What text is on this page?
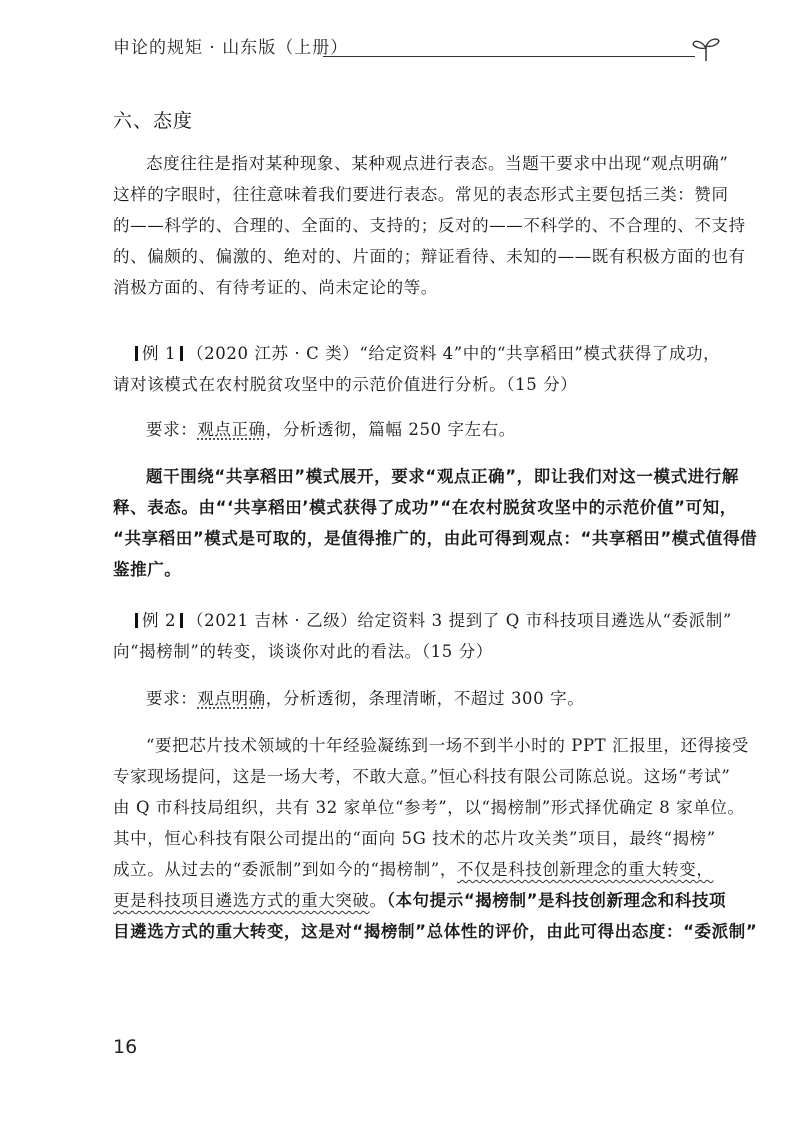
申论的规矩 · 山东版（上册）
六、态度

态度往往是指对某种现象、某种观点进行表态。当题干要求中出现“观点明确”
这样的字眼时，往往意味着我们要进行表态。常见的表态形式主要包括三类：赞同
的——科学的、合理的、全面的、支持的；反对的——不科学的、不合理的、不支持
的、偏颇的、偏激的、绝对的、片面的；辩证看待、未知的——既有积极方面的也有
消极方面的、有待考证的、尚未定论的等。

例 1 （2020 江苏 · C 类）“给定资料 4”中的“共享稻田”模式获得了成功，
请对该模式在农村脱贫攻坚中的示范价值进行分析。（15 分）

要求：观点正确，分析透彻，篇幅 250 字左右。

题干围绕“共享稻田”模式展开，要求“观点正确”，即让我们对这一模式进行解
释、表态。由“‘共享稻田’模式获得了成功”“在农村脱贫攻坚中的示范价值”可知，
“共享稻田”模式是可取的，是值得推广的，由此可得到观点：“共享稻田”模式值得借
鉴推广。

例 2 （2021 吉林 · 乙级）给定资料 3 提到了 Q 市科技项目遴选从“委派制”
向“揭榜制”的转变，谈谈你对此的看法。（15 分）

要求：观点明确，分析透彻，条理清晰，不超过 300 字。

“要把芯片技术领域的十年经验凝练到一场不到半小时的 PPT 汇报里，还得接受
专家现场提问，这是一场大考，不敢大意。”恒心科技有限公司陈总说。这场“考试”
由 Q 市科技局组织，共有 32 家单位“参考”，以“揭榜制”形式择优确定 8 家单位。
其中，恒心科技有限公司提出的“面向 5G 技术的芯片攻关类”项目，最终“揭榜”
成立。从过去的“委派制”到如今的“揭榜制”，不仅是科技创新理念的重大转变，
更是科技项目遴选方式的重大突破。（本句提示“揭榜制”是科技创新理念和科技项
目遴选方式的重大转变，这是对“揭榜制”总体性的评价，由此可得出态度：“委派制”

16
